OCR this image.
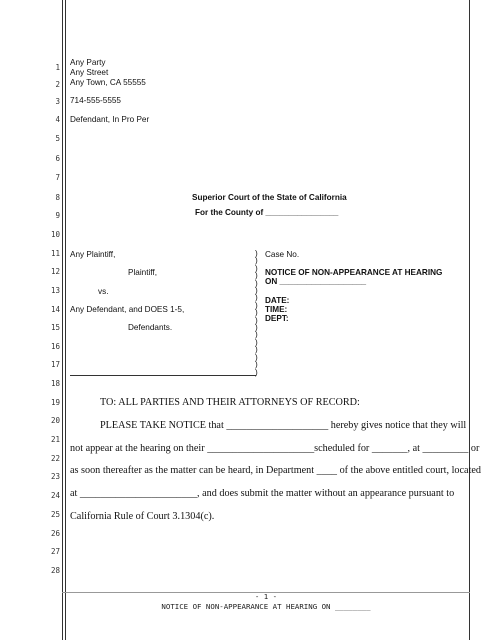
1
2
3
4
5
6
7
8
9
10
11
12
13
14
15
16
17
18
19
20
21
22
23
24
25
26
27
28
Any Party
Any Street
Any Town, CA 55555
714-555-5555
Defendant, In Pro Per
Superior Court of the State of California
For the County of ________________
Any Plaintiff,
Plaintiff,
vs.
Any Defendant, and DOES 1-5,
Defendants.
)
)
)
)
)
)
)
)
)
)
)
)
)
)
)
)
)
Case No.
NOTICE OF NON-APPEARANCE AT HEARING
ON ___________________
DATE:
TIME:
DEPT:
TO: ALL PARTIES AND THEIR ATTORNEYS OF RECORD:
PLEASE TAKE NOTICE that ____________________ hereby gives notice that they will
not appear at the hearing on their _____________________scheduled for _______, at _________ or
as soon thereafter as the matter can be heard, in Department ____ of the above entitled court, located
at _______________________, and does submit the matter without an appearance pursuant to
California Rule of Court 3.1304(c).
- 1 -
NOTICE OF NON-APPEARANCE AT HEARING ON ________
